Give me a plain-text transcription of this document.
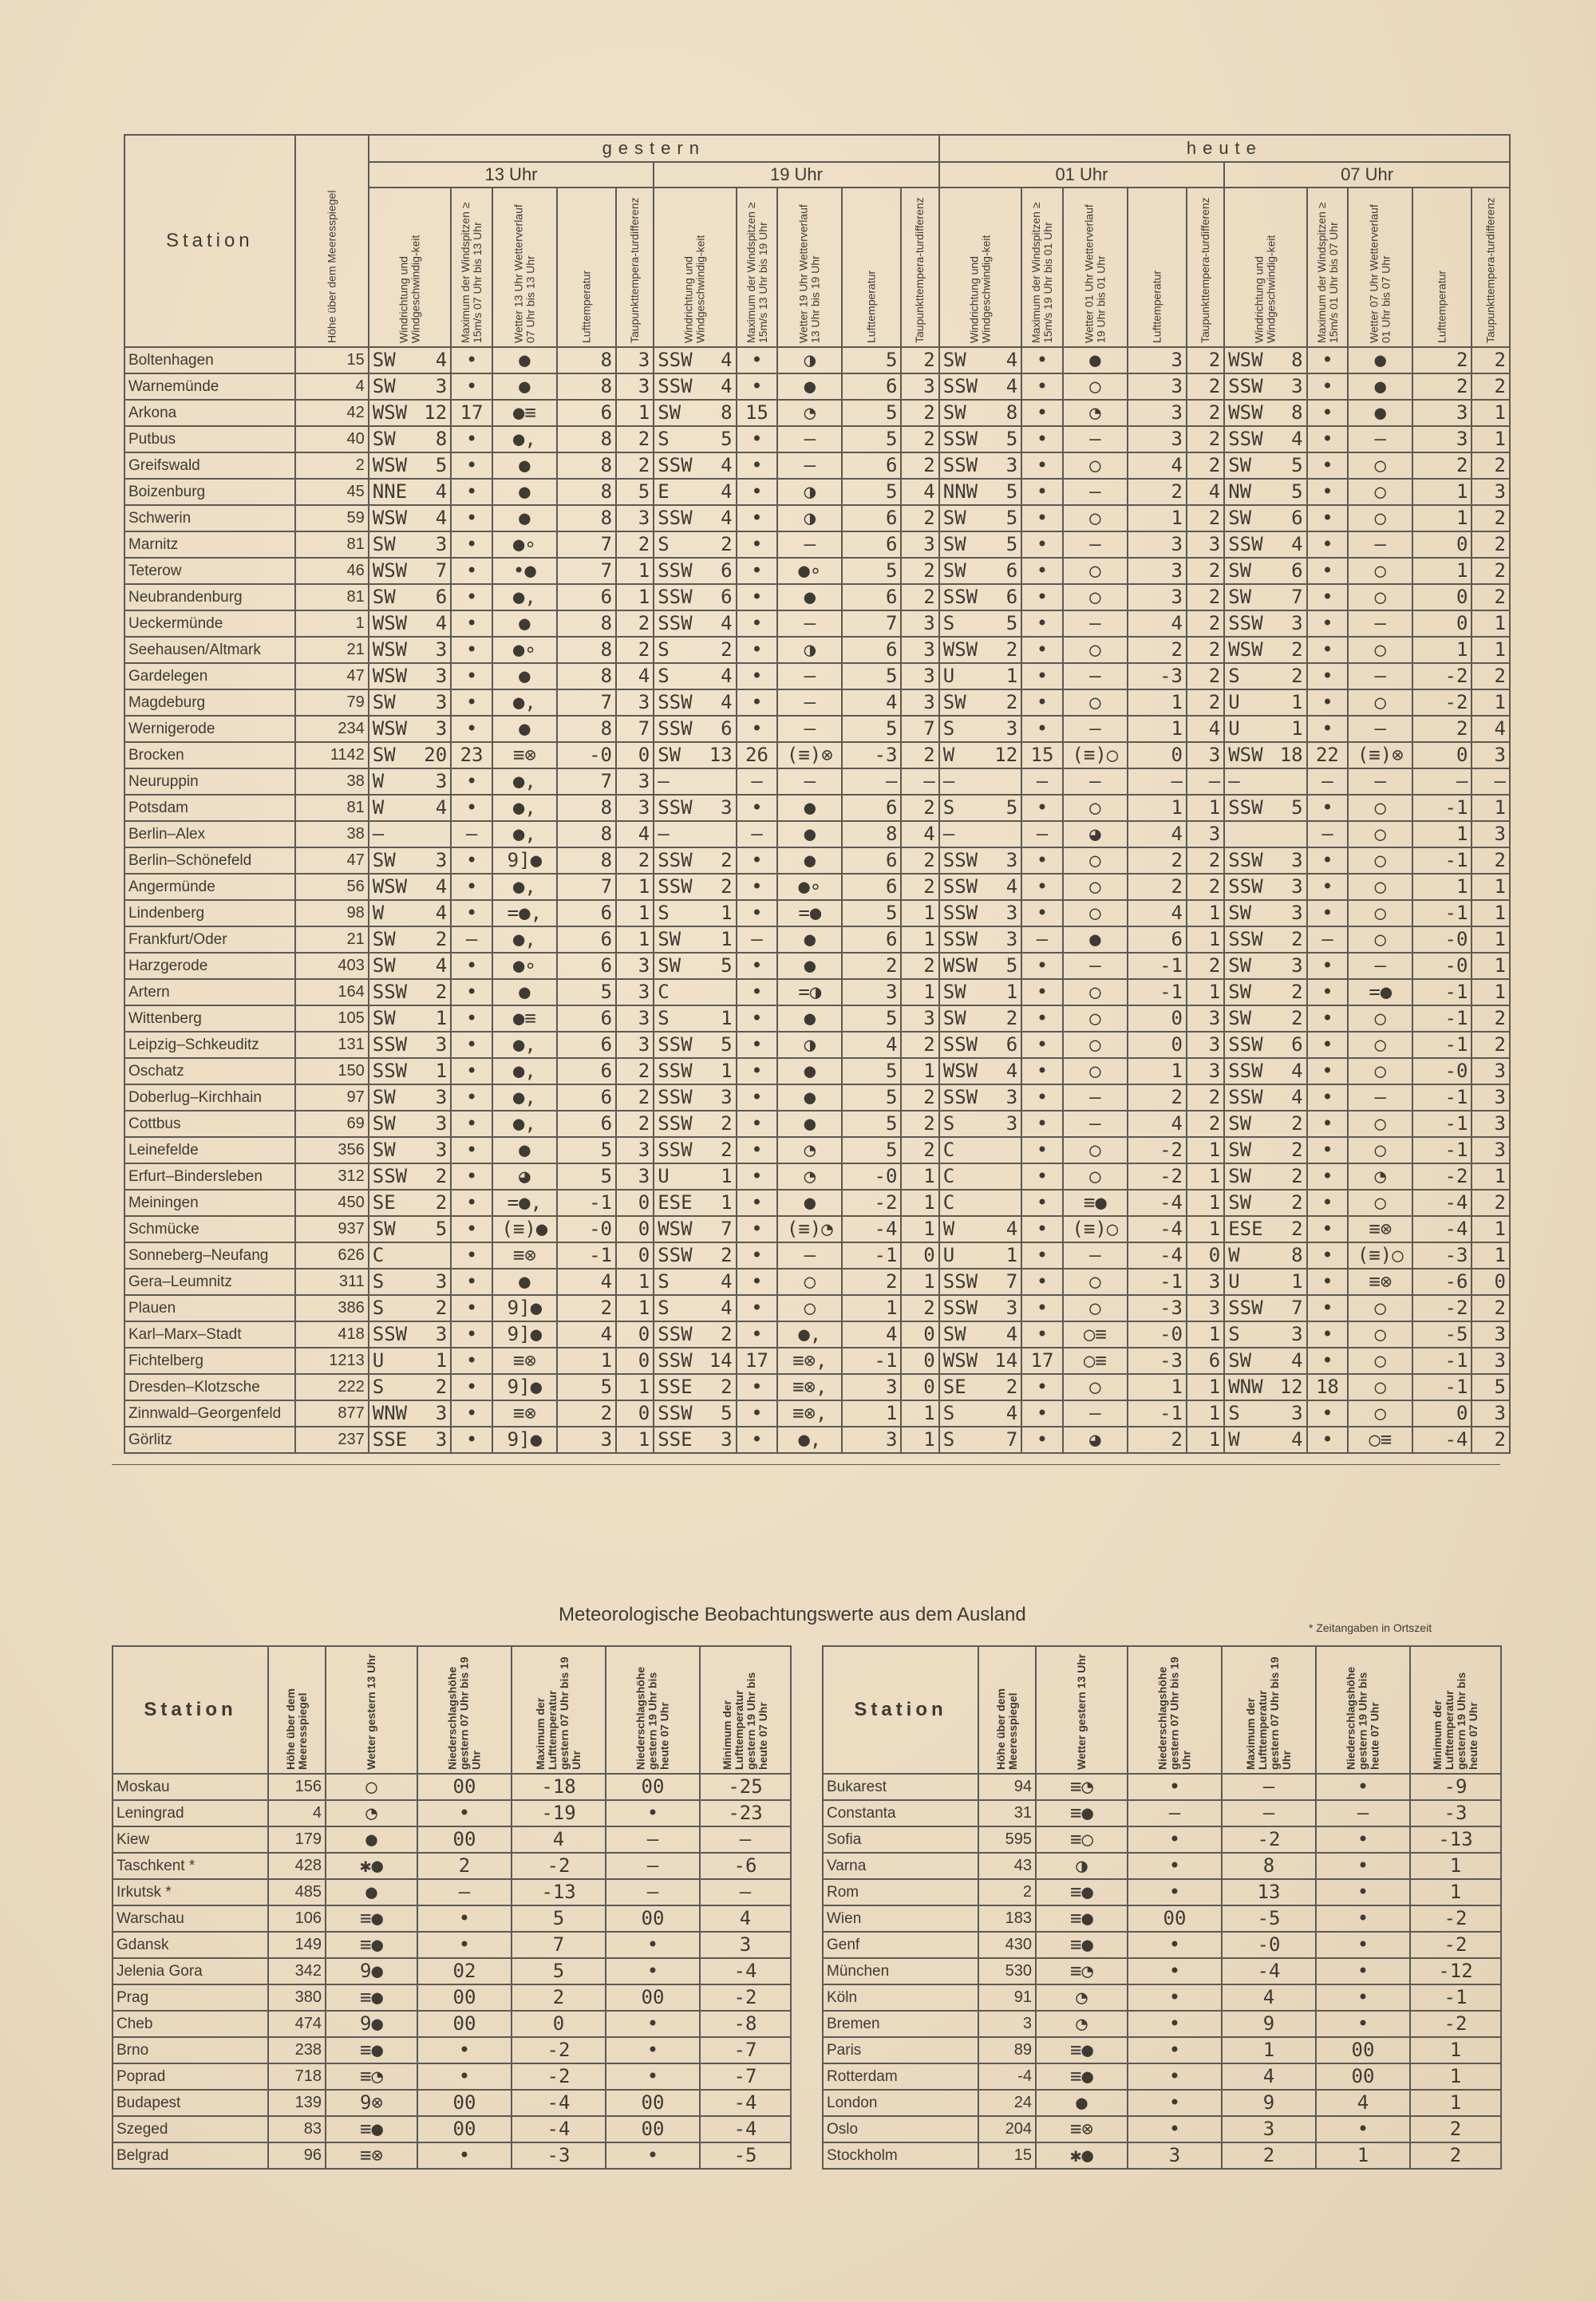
Station	Höhe über dem Meeresspiegel	gestern												heute											
		13 Uhr						19 Uhr						01 Uhr						07 Uhr					
		Windrichtung und Windgeschwindig-keit		Maximum der Windspitzen ≥ 15m/s 07 Uhr bis 13 Uhr	Wetter 13 Uhr Wetterverlauf 07 Uhr bis 13 Uhr	Lufttemperatur	Taupunkttempera-turdifferenz	Windrichtung und Windgeschwindig-keit		Maximum der Windspitzen ≥ 15m/s 13 Uhr bis 19 Uhr	Wetter 19 Uhr Wetterverlauf 13 Uhr bis 19 Uhr	Lufttemperatur	Taupunkttempera-turdifferenz	Windrichtung und Windgeschwindig-keit		Maximum der Windspitzen ≥ 15m/s 19 Uhr bis 01 Uhr	Wetter 01 Uhr Wetterverlauf 19 Uhr bis 01 Uhr	Lufttemperatur	Taupunkttempera-turdifferenz	Windrichtung und Windgeschwindig-keit		Maximum der Windspitzen ≥ 15m/s 01 Uhr bis 07 Uhr	Wetter 07 Uhr Wetterverlauf 01 Uhr bis 07 Uhr	Lufttemperatur	Taupunkttempera-turdifferenz
Boltenhagen	15	SW	4	•	●	8	3	SSW	4	•	◑	5	2	SW	4	•	●	3	2	WSW	8	•	●	2	2
Warnemünde	4	SW	3	•	●	8	3	SSW	4	•	●	6	3	SSW	4	•	○	3	2	SSW	3	•	●	2	2
Arkona	42	WSW	12	17	●≡	6	1	SW	8	15	◔	5	2	SW	8	•	◔	3	2	WSW	8	•	●	3	1
Putbus	40	SW	8	•	●,	8	2	S	5	•	–	5	2	SSW	5	•	–	3	2	SSW	4	•	–	3	1
Greifswald	2	WSW	5	•	●	8	2	SSW	4	•	–	6	2	SSW	3	•	○	4	2	SW	5	•	○	2	2
Boizenburg	45	NNE	4	•	●	8	5	E	4	•	◑	5	4	NNW	5	•	–	2	4	NW	5	•	○	1	3
Schwerin	59	WSW	4	•	●	8	3	SSW	4	•	◑	6	2	SW	5	•	○	1	2	SW	6	•	○	1	2
Marnitz	81	SW	3	•	●∘	7	2	S	2	•	–	6	3	SW	5	•	–	3	3	SSW	4	•	–	0	2
Teterow	46	WSW	7	•	•●	7	1	SSW	6	•	●∘	5	2	SW	6	•	○	3	2	SW	6	•	○	1	2
Neubrandenburg	81	SW	6	•	●,	6	1	SSW	6	•	●	6	2	SSW	6	•	○	3	2	SW	7	•	○	0	2
Ueckermünde	1	WSW	4	•	●	8	2	SSW	4	•	–	7	3	S	5	•	–	4	2	SSW	3	•	–	0	1
Seehausen/Altmark	21	WSW	3	•	●∘	8	2	S	2	•	◑	6	3	WSW	2	•	○	2	2	WSW	2	•	○	1	1
Gardelegen	47	WSW	3	•	●	8	4	S	4	•	–	5	3	U	1	•	–	-3	2	S	2	•	–	-2	2
Magdeburg	79	SW	3	•	●,	7	3	SSW	4	•	–	4	3	SW	2	•	○	1	2	U	1	•	○	-2	1
Wernigerode	234	WSW	3	•	●	8	7	SSW	6	•	–	5	7	S	3	•	–	1	4	U	1	•	–	2	4
Brocken	1142	SW	20	23	≡⊗	-0	0	SW	13	26	(≡)⊗	-3	2	W	12	15	(≡)○	0	3	WSW	18	22	(≡)⊗	0	3
Neuruppin	38	W	3	•	●,	7	3	–		–	–	–	–	–		–	–	–	–	–		–	–	–	–
Potsdam	81	W	4	•	●,	8	3	SSW	3	•	●	6	2	S	5	•	○	1	1	SSW	5	•	○	-1	1
Berlin–Alex	38	–		–	●,	8	4	–		–	●	8	4	–		–	◕	4	3			–	○	1	3
Berlin–Schönefeld	47	SW	3	•	9]●	8	2	SSW	2	•	●	6	2	SSW	3	•	○	2	2	SSW	3	•	○	-1	2
Angermünde	56	WSW	4	•	●,	7	1	SSW	2	•	●∘	6	2	SSW	4	•	○	2	2	SSW	3	•	○	1	1
Lindenberg	98	W	4	•	=●,	6	1	S	1	•	=●	5	1	SSW	3	•	○	4	1	SW	3	•	○	-1	1
Frankfurt/Oder	21	SW	2	–	●,	6	1	SW	1	–	●	6	1	SSW	3	–	●	6	1	SSW	2	–	○	-0	1
Harzgerode	403	SW	4	•	●∘	6	3	SW	5	•	●	2	2	WSW	5	•	–	-1	2	SW	3	•	–	-0	1
Artern	164	SSW	2	•	●	5	3	C		•	=◑	3	1	SW	1	•	○	-1	1	SW	2	•	=●	-1	1
Wittenberg	105	SW	1	•	●≡	6	3	S	1	•	●	5	3	SW	2	•	○	0	3	SW	2	•	○	-1	2
Leipzig–Schkeuditz	131	SSW	3	•	●,	6	3	SSW	5	•	◑	4	2	SSW	6	•	○	0	3	SSW	6	•	○	-1	2
Oschatz	150	SSW	1	•	●,	6	2	SSW	1	•	●	5	1	WSW	4	•	○	1	3	SSW	4	•	○	-0	3
Doberlug–Kirchhain	97	SW	3	•	●,	6	2	SSW	3	•	●	5	2	SSW	3	•	–	2	2	SSW	4	•	–	-1	3
Cottbus	69	SW	3	•	●,	6	2	SSW	2	•	●	5	2	S	3	•	–	4	2	SW	2	•	○	-1	3
Leinefelde	356	SW	3	•	●	5	3	SSW	2	•	◔	5	2	C		•	○	-2	1	SW	2	•	○	-1	3
Erfurt–Bindersleben	312	SSW	2	•	◕	5	3	U	1	•	◔	-0	1	C		•	○	-2	1	SW	2	•	◔	-2	1
Meiningen	450	SE	2	•	=●,	-1	0	ESE	1	•	●	-2	1	C		•	≡●	-4	1	SW	2	•	○	-4	2
Schmücke	937	SW	5	•	(≡)●	-0	0	WSW	7	•	(≡)◔	-4	1	W	4	•	(≡)○	-4	1	ESE	2	•	≡⊗	-4	1
Sonneberg–Neufang	626	C		•	≡⊗	-1	0	SSW	2	•	–	-1	0	U	1	•	–	-4	0	W	8	•	(≡)○	-3	1
Gera–Leumnitz	311	S	3	•	●	4	1	S	4	•	○	2	1	SSW	7	•	○	-1	3	U	1	•	≡⊗	-6	0
Plauen	386	S	2	•	9]●	2	1	S	4	•	○	1	2	SSW	3	•	○	-3	3	SSW	7	•	○	-2	2
Karl–Marx–Stadt	418	SSW	3	•	9]●	4	0	SSW	2	•	●,	4	0	SW	4	•	○≡	-0	1	S	3	•	○	-5	3
Fichtelberg	1213	U	1	•	≡⊗	1	0	SSW	14	17	≡⊗,	-1	0	WSW	14	17	○≡	-3	6	SW	4	•	○	-1	3
Dresden–Klotzsche	222	S	2	•	9]●	5	1	SSE	2	•	≡⊗,	3	0	SE	2	•	○	1	1	WNW	12	18	○	-1	5
Zinnwald–Georgenfeld	877	WNW	3	•	≡⊗	2	0	SSW	5	•	≡⊗,	1	1	S	4	•	–	-1	1	S	3	•	○	0	3
Görlitz	237	SSE	3	•	9]●	3	1	SSE	3	•	●,	3	1	S	7	•	◕	2	1	W	4	•	○≡	-4	2
Meteorologische Beobachtungswerte aus dem Ausland
* Zeitangaben in Ortszeit
Station	Höhe über dem Meeresspiegel	Wetter gestern 13 Uhr	Niederschlagshöhe gestern 07 Uhr bis 19 Uhr	Maximum der Lufttemperatur gestern 07 Uhr bis 19 Uhr	Niederschlagshöhe gestern 19 Uhr bis heute 07 Uhr	Minimum der Lufttemperatur gestern 19 Uhr bis heute 07 Uhr
Moskau	156	○	00	-18	00	-25
Leningrad	4	◔	•	-19	•	-23
Kiew	179	●	00	4	–	–
Taschkent *	428	✱●	2	-2	–	-6
Irkutsk *	485	●	–	-13	–	–
Warschau	106	≡●	•	5	00	4
Gdansk	149	≡●	•	7	•	3
Jelenia Gora	342	9●	02	5	•	-4
Prag	380	≡●	00	2	00	-2
Cheb	474	9●	00	0	•	-8
Brno	238	≡●	•	-2	•	-7
Poprad	718	≡◔	•	-2	•	-7
Budapest	139	9⊗	00	-4	00	-4
Szeged	83	≡●	00	-4	00	-4
Belgrad	96	≡⊗	•	-3	•	-5
Station	Höhe über dem Meeresspiegel	Wetter gestern 13 Uhr	Niederschlagshöhe gestern 07 Uhr bis 19 Uhr	Maximum der Lufttemperatur gestern 07 Uhr bis 19 Uhr	Niederschlagshöhe gestern 19 Uhr bis heute 07 Uhr	Minimum der Lufttemperatur gestern 19 Uhr bis heute 07 Uhr
Bukarest	94	≡◔	•	–	•	-9
Constanta	31	≡●	–	–	–	-3
Sofia	595	≡○	•	-2	•	-13
Varna	43	◑	•	8	•	1
Rom	2	≡●	•	13	•	1
Wien	183	≡●	00	-5	•	-2
Genf	430	≡●	•	-0	•	-2
München	530	≡◔	•	-4	•	-12
Köln	91	◔	•	4	•	-1
Bremen	3	◔	•	9	•	-2
Paris	89	≡●	•	1	00	1
Rotterdam	-4	≡●	•	4	00	1
London	24	●	•	9	4	1
Oslo	204	≡⊗	•	3	•	2
Stockholm	15	✱●	3	2	1	2
